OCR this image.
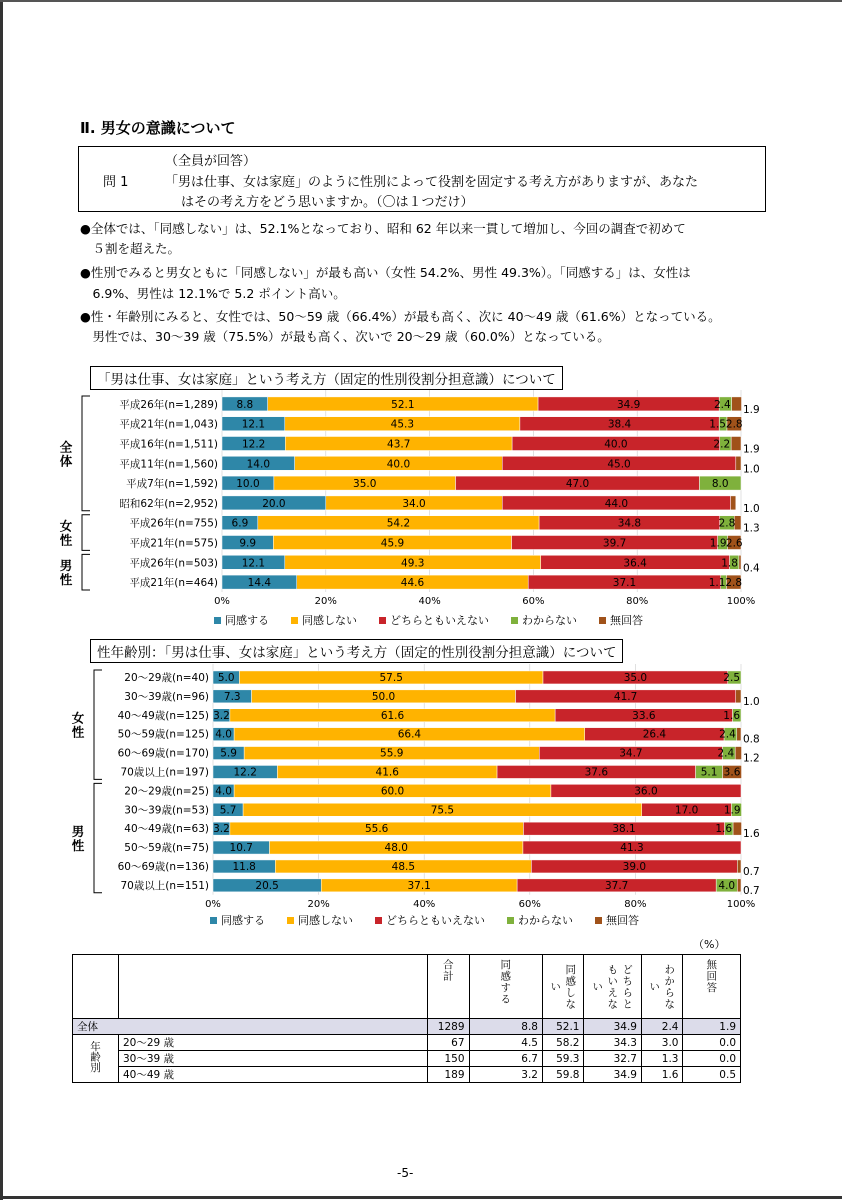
Ⅱ. 男女の意識について
（全員が回答）
問 1	「男は仕事、女は家庭」のように性別によって役割を固定する考え方がありますが、あなた
はその考え方をどう思いますか。（〇は１つだけ）
●全体では、「同感しない」は、52.1%となっており、昭和 62 年以来一貫して増加し、今回の調査で初めて
　５割を超えた。
●性別でみると男女ともに「同感しない」が最も高い（女性 54.2%、男性 49.3%）。「同感する」は、女性は
　6.9%、男性は 12.1%で 5.2 ポイント高い。
●性・年齢別にみると、女性では、50〜59 歳（66.4%）が最も高く、次に 40〜49 歳（61.6%）となっている。
　男性では、30〜39 歳（75.5%）が最も高く、次いで 20〜29 歳（60.0%）となっている。
「男は仕事、女は家庭」という考え方（固定的性別役割分担意識）について
0%	20%	40%	60%	80%	100%
全
体
女
性
男
性
平成26年(n=1,289) 8.8	52.1	34.9	2.4 1.9
平成21年(n=1,043) 12.1	45.3	38.4	1.5 2.8
平成16年(n=1,511) 12.2	43.7	40.0	2.2 1.9
平成11年(n=1,560)	14.0	40.0	45.0	1.0
平成7年(n=1,592) 10.0	35.0	47.0	8.0
昭和62年(n=2,952)	20.0	34.0	44.0	1.0
平成26年(n=755) 6.9	54.2	34.8	2.8 1.3
平成21年(n=575) 9.9	45.9	39.7	1.9 2.6
平成26年(n=503) 12.1	49.3	36.4	1.8 0.4
平成21年(n=464)	14.4	44.6	37.1	1.1 2.8
同感する	同感しない	どちらともいえない	わからない	無回答
性年齢別：「男は仕事、女は家庭」という考え方（固定的性別役割分担意識）について
0%	20%	40%	60%	80%	100%
女
性
男
性
20〜29歳(n=40) 5.0	57.5	35.0	2.5
30〜39歳(n=96) 7.3	50.0	41.7	1.0
40〜49歳(n=125) 3.2	61.6	33.6	1.6
50〜59歳(n=125) 4.0	66.4	26.4	2.4 0.8
60〜69歳(n=170) 5.9	55.9	34.7	2.4 1.2
70歳以上(n=197) 12.2	41.6	37.6	5.1 3.6
20〜29歳(n=25) 4.0	60.0	36.0
30〜39歳(n=53) 5.7	75.5	17.0 1.9
40〜49歳(n=63) 3.2	55.6	38.1	1.6 1.6
50〜59歳(n=75) 10.7	48.0	41.3
60〜69歳(n=136) 11.8	48.5	39.0	0.7
70歳以上(n=151)	20.5	37.1	37.7	4.0 0.7
同感する	同感しない	どちらともいえない	わからない	無回答
（%）
		合計	同感する	同感しない	どちらともいえない	わからない	無回答
全体		1289	8.8	52.1	34.9	2.4	1.9
年齢別	20〜29 歳	67	4.5	58.2	34.3	3.0	0.0
	30〜39 歳	150	6.7	59.3	32.7	1.3	0.0
	40〜49 歳	189	3.2	59.8	34.9	1.6	0.5
-5-
